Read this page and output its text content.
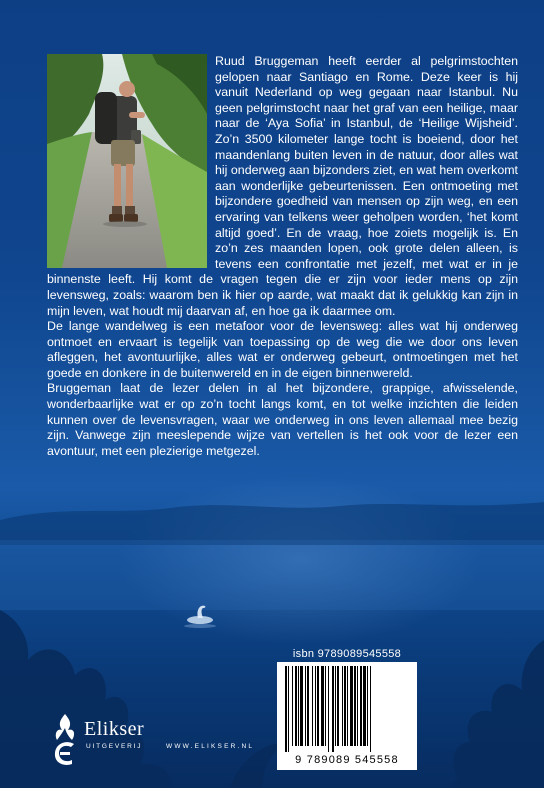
Ruud Bruggeman heeft eerder al pelgrimstochten gelopen naar Santiago en Rome. Deze keer is hij vanuit Nederland op weg gegaan naar Istanbul. Nu geen pelgrimstocht naar het graf van een heilige, maar naar de ‘Aya Sofia’ in Istanbul, de ‘Heilige Wijsheid’. Zo’n 3500 kilometer lange tocht is boeiend, door het maandenlang buiten leven in de natuur, door alles wat hij onderweg aan bijzonders ziet, en wat hem overkomt aan wonderlijke gebeurtenissen. Een ontmoeting met bijzondere goedheid van mensen op zijn weg, en een ervaring van telkens weer geholpen worden, ‘het komt altijd goed’. En de vraag, hoe zoiets mogelijk is. En zo’n zes maanden lopen, ook grote delen alleen, is tevens een confrontatie met jezelf, met wat er in je binnenste leeft. Hij komt de vragen tegen die er zijn voor ieder mens op zijn levensweg, zoals: waarom ben ik hier op aarde, wat maakt dat ik gelukkig kan zijn in mijn leven, wat houdt mij daarvan af, en hoe ga ik daarmee om.

De lange wandelweg is een metafoor voor de levensweg: alles wat hij onderweg ontmoet en ervaart is tegelijk van toepassing op de weg die we door ons leven afleggen, het avontuurlijke, alles wat er onderweg gebeurt, ontmoetingen met het goede en donkere in de buitenwereld en in de eigen binnenwereld.

Bruggeman laat de lezer delen in al het bijzondere, grappige, afwisselende, wonderbaarlijke wat er op zo’n tocht langs komt, en tot welke inzichten die leiden kunnen over de levensvragen, waar we onderweg in ons leven allemaal mee bezig zijn. Vanwege zijn meeslepende wijze van vertellen is het ook voor de lezer een avontuur, met een plezierige metgezel.

isbn 9789089545558
9 789089 545558
Elikser
UITGEVERIJ	WWW.ELIKSER.NL
